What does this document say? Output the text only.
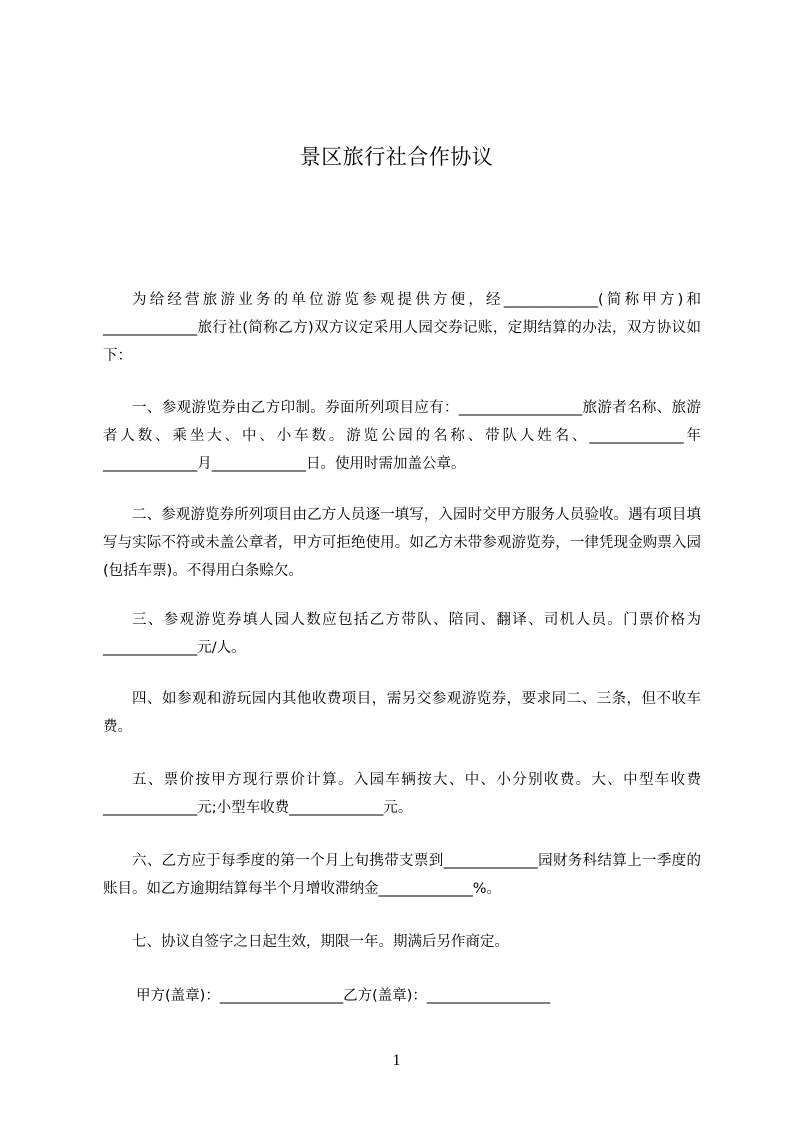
景区旅行社合作协议

为给经营旅游业务的单位游览参观提供方便，经_____________(简称甲方)和_____________旅行社(简称乙方)双方议定采用人园交券记账，定期结算的办法，双方协议如下：

一、参观游览券由乙方印制。券面所列项目应有：_________________旅游者名称、旅游者人数、乘坐大、中、小车数。游览公园的名称、带队人姓名、_____________年_____________月_____________日。使用时需加盖公章。

二、参观游览券所列项目由乙方人员逐一填写，入园时交甲方服务人员验收。遇有项目填写与实际不符或未盖公章者，甲方可拒绝使用。如乙方未带参观游览券，一律凭现金购票入园(包括车票)。不得用白条赊欠。

三、参观游览券填人园人数应包括乙方带队、陪同、翻译、司机人员。门票价格为_____________元/人。

四、如参观和游玩园内其他收费项目，需另交参观游览券，要求同二、三条，但不收车费。

五、票价按甲方现行票价计算。入园车辆按大、中、小分别收费。大、中型车收费_____________元;小型车收费_____________元。

六、乙方应于每季度的第一个月上旬携带支票到_____________园财务科结算上一季度的账目。如乙方逾期结算每半个月增收滞纳金_____________%。

七、协议自签字之日起生效，期限一年。期满后另作商定。

甲方(盖章)：_________________乙方(盖章)：_________________

1
